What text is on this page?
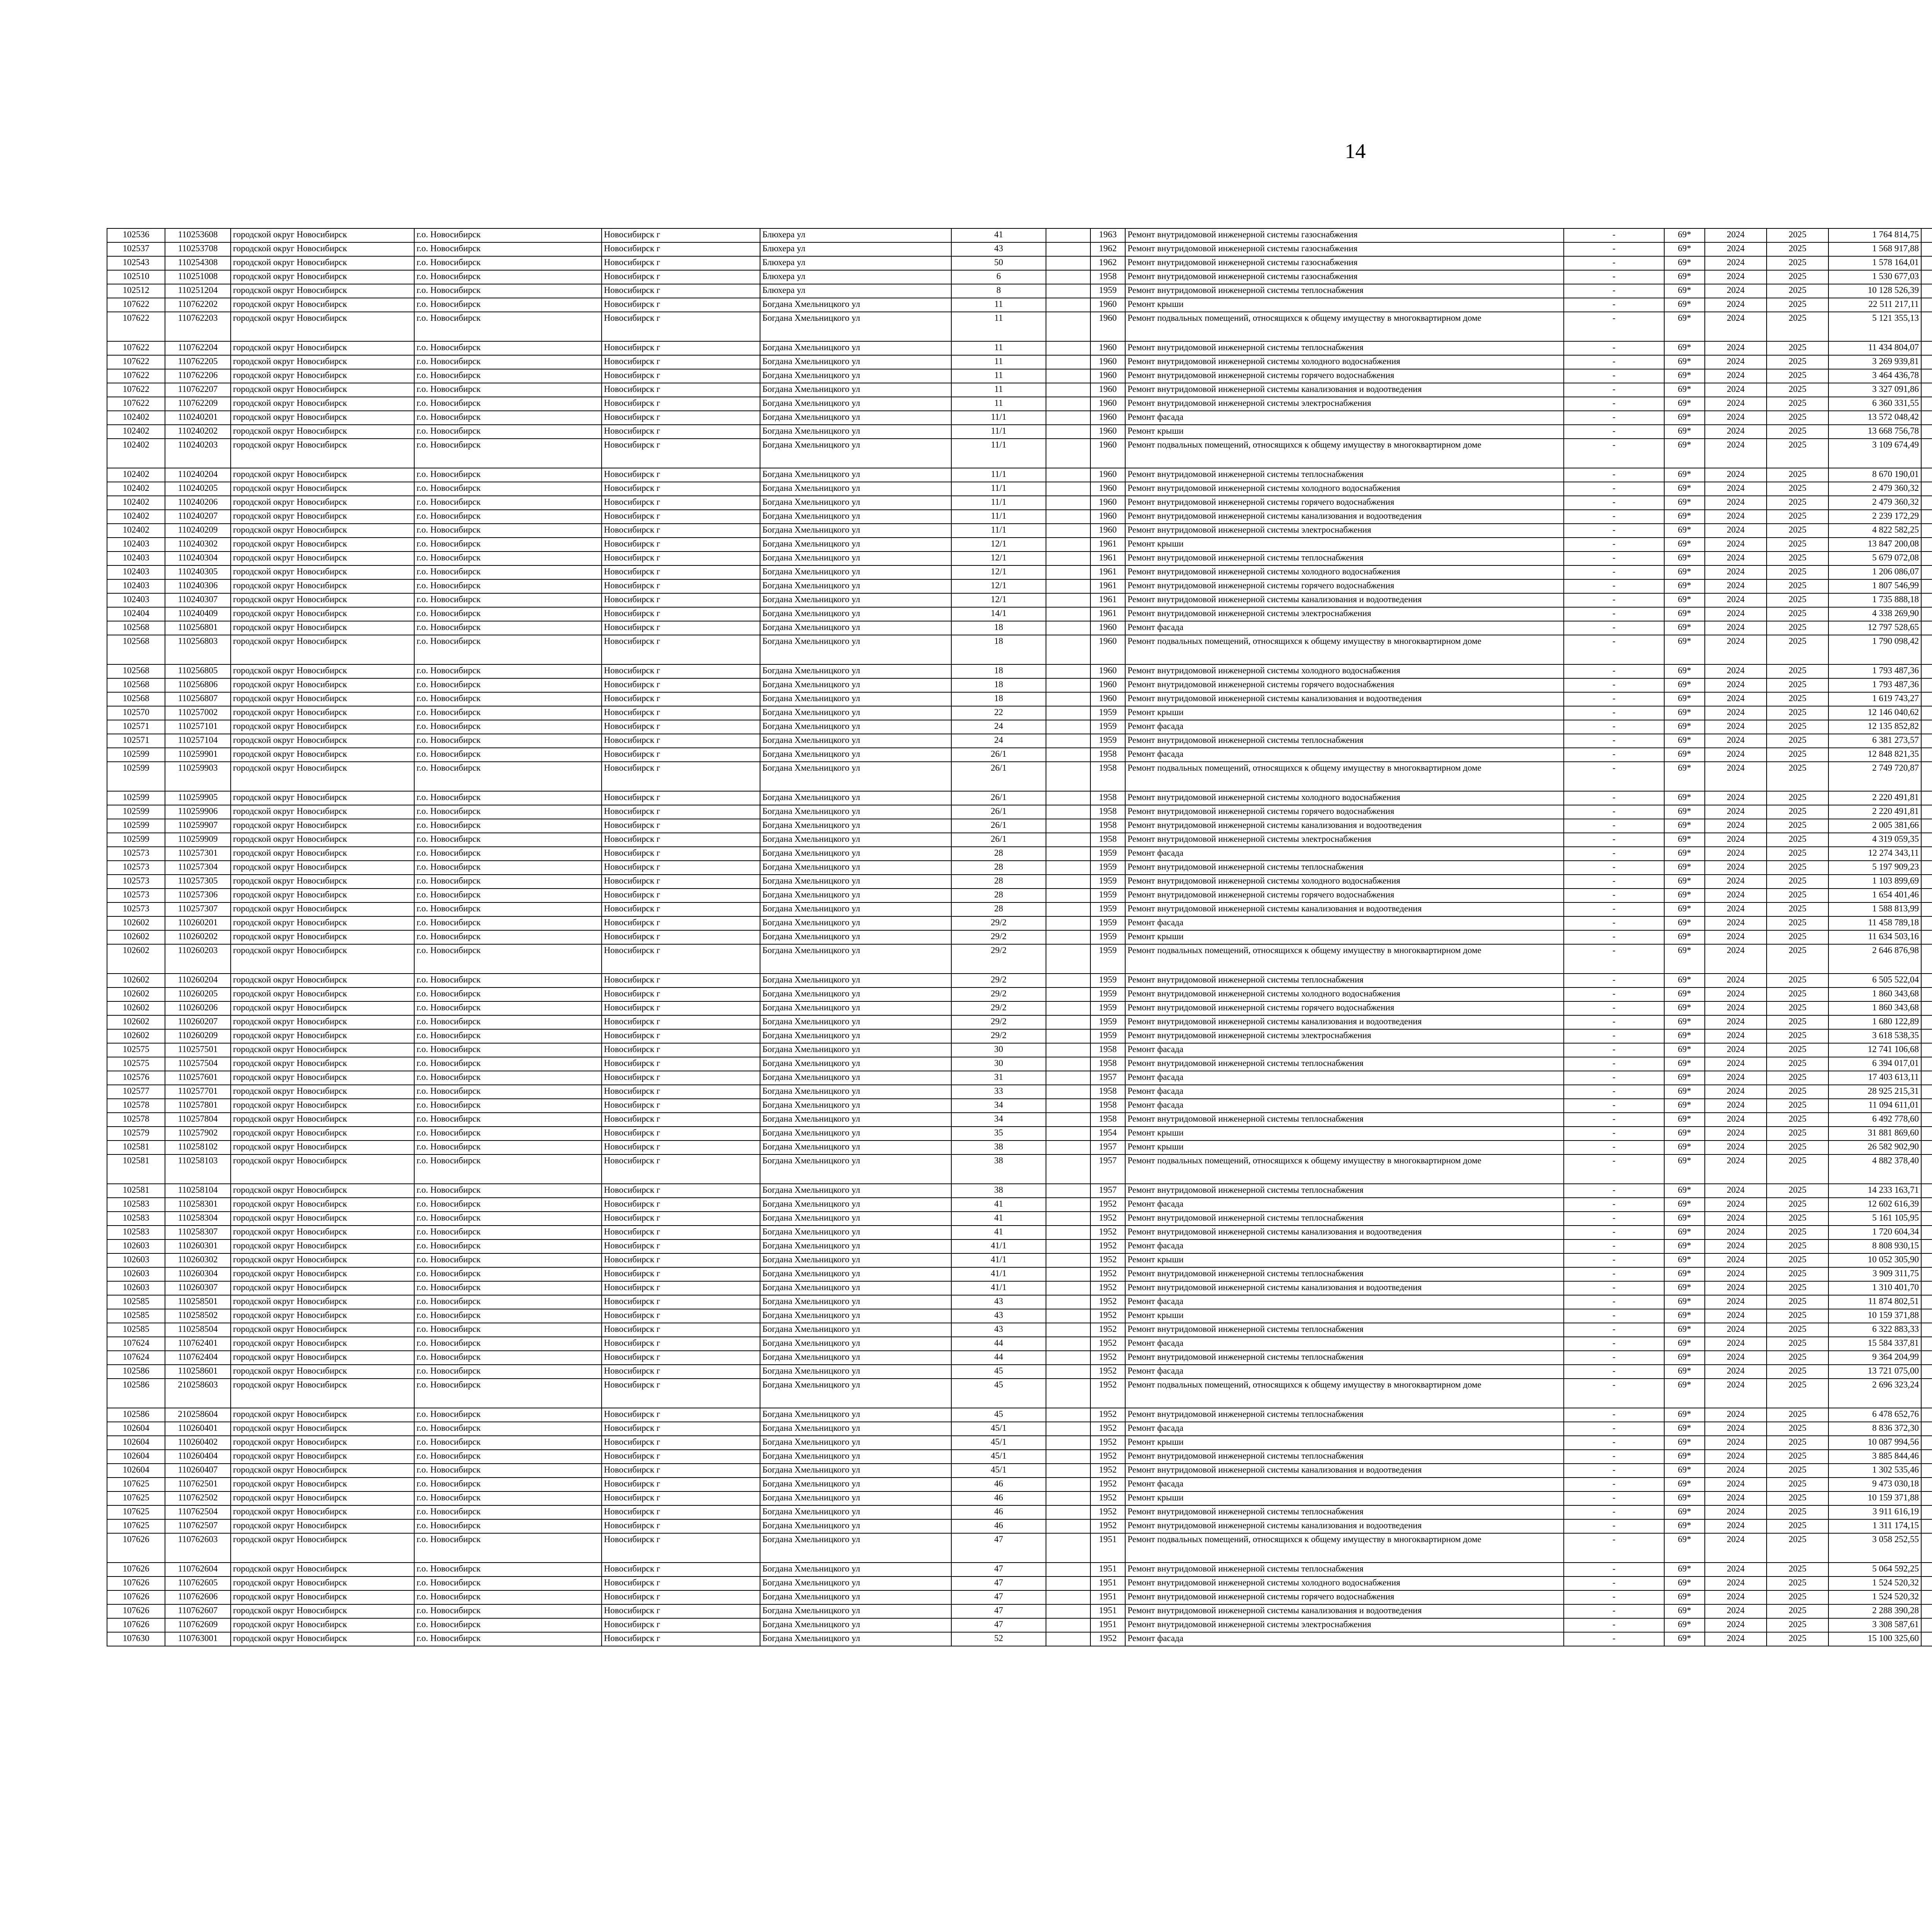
14
102536	110253608	городской округ Новосибирск	г.о. Новосибирск	Новосибирск г	Блюхера ул	41		1963	Ремонт внутридомовой инженерной системы газоснабжения	-	69*	2024	2025	1 764 814,75						
102537	110253708	городской округ Новосибирск	г.о. Новосибирск	Новосибирск г	Блюхера ул	43		1962	Ремонт внутридомовой инженерной системы газоснабжения	-	69*	2024	2025	1 568 917,88						
102543	110254308	городской округ Новосибирск	г.о. Новосибирск	Новосибирск г	Блюхера ул	50		1962	Ремонт внутридомовой инженерной системы газоснабжения	-	69*	2024	2025	1 578 164,01						
102510	110251008	городской округ Новосибирск	г.о. Новосибирск	Новосибирск г	Блюхера ул	6		1958	Ремонт внутридомовой инженерной системы газоснабжения	-	69*	2024	2025	1 530 677,03						
102512	110251204	городской округ Новосибирск	г.о. Новосибирск	Новосибирск г	Блюхера ул	8		1959	Ремонт внутридомовой инженерной системы теплоснабжения	-	69*	2024	2025	10 128 526,39						
107622	110762202	городской округ Новосибирск	г.о. Новосибирск	Новосибирск г	Богдана Хмельницкого ул	11		1960	Ремонт крыши	-	69*	2024	2025	22 511 217,11						
107622	110762203	городской округ Новосибирск	г.о. Новосибирск	Новосибирск г	Богдана Хмельницкого ул	11		1960	Ремонт подвальных помещений, относящихся к общему имуществу в многоквартирном доме	-	69*	2024	2025	5 121 355,13						
107622	110762204	городской округ Новосибирск	г.о. Новосибирск	Новосибирск г	Богдана Хмельницкого ул	11		1960	Ремонт внутридомовой инженерной системы теплоснабжения	-	69*	2024	2025	11 434 804,07						
107622	110762205	городской округ Новосибирск	г.о. Новосибирск	Новосибирск г	Богдана Хмельницкого ул	11		1960	Ремонт внутридомовой инженерной системы холодного водоснабжения	-	69*	2024	2025	3 269 939,81						
107622	110762206	городской округ Новосибирск	г.о. Новосибирск	Новосибирск г	Богдана Хмельницкого ул	11		1960	Ремонт внутридомовой инженерной системы горячего водоснабжения	-	69*	2024	2025	3 464 436,78						
107622	110762207	городской округ Новосибирск	г.о. Новосибирск	Новосибирск г	Богдана Хмельницкого ул	11		1960	Ремонт внутридомовой инженерной системы канализования и водоотведения	-	69*	2024	2025	3 327 091,86						
107622	110762209	городской округ Новосибирск	г.о. Новосибирск	Новосибирск г	Богдана Хмельницкого ул	11		1960	Ремонт внутридомовой инженерной системы электроснабжения	-	69*	2024	2025	6 360 331,55						
102402	110240201	городской округ Новосибирск	г.о. Новосибирск	Новосибирск г	Богдана Хмельницкого ул	11/1		1960	Ремонт фасада	-	69*	2024	2025	13 572 048,42						
102402	110240202	городской округ Новосибирск	г.о. Новосибирск	Новосибирск г	Богдана Хмельницкого ул	11/1		1960	Ремонт крыши	-	69*	2024	2025	13 668 756,78						
102402	110240203	городской округ Новосибирск	г.о. Новосибирск	Новосибирск г	Богдана Хмельницкого ул	11/1		1960	Ремонт подвальных помещений, относящихся к общему имуществу в многоквартирном доме	-	69*	2024	2025	3 109 674,49						
102402	110240204	городской округ Новосибирск	г.о. Новосибирск	Новосибирск г	Богдана Хмельницкого ул	11/1		1960	Ремонт внутридомовой инженерной системы теплоснабжения	-	69*	2024	2025	8 670 190,01						
102402	110240205	городской округ Новосибирск	г.о. Новосибирск	Новосибирск г	Богдана Хмельницкого ул	11/1		1960	Ремонт внутридомовой инженерной системы холодного водоснабжения	-	69*	2024	2025	2 479 360,32						
102402	110240206	городской округ Новосибирск	г.о. Новосибирск	Новосибирск г	Богдана Хмельницкого ул	11/1		1960	Ремонт внутридомовой инженерной системы горячего водоснабжения	-	69*	2024	2025	2 479 360,32						
102402	110240207	городской округ Новосибирск	г.о. Новосибирск	Новосибирск г	Богдана Хмельницкого ул	11/1		1960	Ремонт внутридомовой инженерной системы канализования и водоотведения	-	69*	2024	2025	2 239 172,29						
102402	110240209	городской округ Новосибирск	г.о. Новосибирск	Новосибирск г	Богдана Хмельницкого ул	11/1		1960	Ремонт внутридомовой инженерной системы электроснабжения	-	69*	2024	2025	4 822 582,25						
102403	110240302	городской округ Новосибирск	г.о. Новосибирск	Новосибирск г	Богдана Хмельницкого ул	12/1		1961	Ремонт крыши	-	69*	2024	2025	13 847 200,08						
102403	110240304	городской округ Новосибирск	г.о. Новосибирск	Новосибирск г	Богдана Хмельницкого ул	12/1		1961	Ремонт внутридомовой инженерной системы теплоснабжения	-	69*	2024	2025	5 679 072,08						
102403	110240305	городской округ Новосибирск	г.о. Новосибирск	Новосибирск г	Богдана Хмельницкого ул	12/1		1961	Ремонт внутридомовой инженерной системы холодного водоснабжения	-	69*	2024	2025	1 206 086,07						
102403	110240306	городской округ Новосибирск	г.о. Новосибирск	Новосибирск г	Богдана Хмельницкого ул	12/1		1961	Ремонт внутридомовой инженерной системы горячего водоснабжения	-	69*	2024	2025	1 807 546,99						
102403	110240307	городской округ Новосибирск	г.о. Новосибирск	Новосибирск г	Богдана Хмельницкого ул	12/1		1961	Ремонт внутридомовой инженерной системы канализования и водоотведения	-	69*	2024	2025	1 735 888,18						
102404	110240409	городской округ Новосибирск	г.о. Новосибирск	Новосибирск г	Богдана Хмельницкого ул	14/1		1961	Ремонт внутридомовой инженерной системы электроснабжения	-	69*	2024	2025	4 338 269,90						
102568	110256801	городской округ Новосибирск	г.о. Новосибирск	Новосибирск г	Богдана Хмельницкого ул	18		1960	Ремонт фасада	-	69*	2024	2025	12 797 528,65						
102568	110256803	городской округ Новосибирск	г.о. Новосибирск	Новосибирск г	Богдана Хмельницкого ул	18		1960	Ремонт подвальных помещений, относящихся к общему имуществу в многоквартирном доме	-	69*	2024	2025	1 790 098,42						
102568	110256805	городской округ Новосибирск	г.о. Новосибирск	Новосибирск г	Богдана Хмельницкого ул	18		1960	Ремонт внутридомовой инженерной системы холодного водоснабжения	-	69*	2024	2025	1 793 487,36						
102568	110256806	городской округ Новосибирск	г.о. Новосибирск	Новосибирск г	Богдана Хмельницкого ул	18		1960	Ремонт внутридомовой инженерной системы горячего водоснабжения	-	69*	2024	2025	1 793 487,36						
102568	110256807	городской округ Новосибирск	г.о. Новосибирск	Новосибирск г	Богдана Хмельницкого ул	18		1960	Ремонт внутридомовой инженерной системы канализования и водоотведения	-	69*	2024	2025	1 619 743,27						
102570	110257002	городской округ Новосибирск	г.о. Новосибирск	Новосибирск г	Богдана Хмельницкого ул	22		1959	Ремонт крыши	-	69*	2024	2025	12 146 040,62						
102571	110257101	городской округ Новосибирск	г.о. Новосибирск	Новосибирск г	Богдана Хмельницкого ул	24		1959	Ремонт фасада	-	69*	2024	2025	12 135 852,82						
102571	110257104	городской округ Новосибирск	г.о. Новосибирск	Новосибирск г	Богдана Хмельницкого ул	24		1959	Ремонт внутридомовой инженерной системы теплоснабжения	-	69*	2024	2025	6 381 273,57						
102599	110259901	городской округ Новосибирск	г.о. Новосибирск	Новосибирск г	Богдана Хмельницкого ул	26/1		1958	Ремонт фасада	-	69*	2024	2025	12 848 821,35						
102599	110259903	городской округ Новосибирск	г.о. Новосибирск	Новосибирск г	Богдана Хмельницкого ул	26/1		1958	Ремонт подвальных помещений, относящихся к общему имуществу в многоквартирном доме	-	69*	2024	2025	2 749 720,87						
102599	110259905	городской округ Новосибирск	г.о. Новосибирск	Новосибирск г	Богдана Хмельницкого ул	26/1		1958	Ремонт внутридомовой инженерной системы холодного водоснабжения	-	69*	2024	2025	2 220 491,81						
102599	110259906	городской округ Новосибирск	г.о. Новосибирск	Новосибирск г	Богдана Хмельницкого ул	26/1		1958	Ремонт внутридомовой инженерной системы горячего водоснабжения	-	69*	2024	2025	2 220 491,81						
102599	110259907	городской округ Новосибирск	г.о. Новосибирск	Новосибирск г	Богдана Хмельницкого ул	26/1		1958	Ремонт внутридомовой инженерной системы канализования и водоотведения	-	69*	2024	2025	2 005 381,66						
102599	110259909	городской округ Новосибирск	г.о. Новосибирск	Новосибирск г	Богдана Хмельницкого ул	26/1		1958	Ремонт внутридомовой инженерной системы электроснабжения	-	69*	2024	2025	4 319 059,35						
102573	110257301	городской округ Новосибирск	г.о. Новосибирск	Новосибирск г	Богдана Хмельницкого ул	28		1959	Ремонт фасада	-	69*	2024	2025	12 274 343,11						
102573	110257304	городской округ Новосибирск	г.о. Новосибирск	Новосибирск г	Богдана Хмельницкого ул	28		1959	Ремонт внутридомовой инженерной системы теплоснабжения	-	69*	2024	2025	5 197 909,23						
102573	110257305	городской округ Новосибирск	г.о. Новосибирск	Новосибирск г	Богдана Хмельницкого ул	28		1959	Ремонт внутридомовой инженерной системы холодного водоснабжения	-	69*	2024	2025	1 103 899,69						
102573	110257306	городской округ Новосибирск	г.о. Новосибирск	Новосибирск г	Богдана Хмельницкого ул	28		1959	Ремонт внутридомовой инженерной системы горячего водоснабжения	-	69*	2024	2025	1 654 401,46						
102573	110257307	городской округ Новосибирск	г.о. Новосибирск	Новосибирск г	Богдана Хмельницкого ул	28		1959	Ремонт внутридомовой инженерной системы канализования и водоотведения	-	69*	2024	2025	1 588 813,99						
102602	110260201	городской округ Новосибирск	г.о. Новосибирск	Новосибирск г	Богдана Хмельницкого ул	29/2		1959	Ремонт фасада	-	69*	2024	2025	11 458 789,18						
102602	110260202	городской округ Новосибирск	г.о. Новосибирск	Новосибирск г	Богдана Хмельницкого ул	29/2		1959	Ремонт крыши	-	69*	2024	2025	11 634 503,16						
102602	110260203	городской округ Новосибирск	г.о. Новосибирск	Новосибирск г	Богдана Хмельницкого ул	29/2		1959	Ремонт подвальных помещений, относящихся к общему имуществу в многоквартирном доме	-	69*	2024	2025	2 646 876,98						
102602	110260204	городской округ Новосибирск	г.о. Новосибирск	Новосибирск г	Богдана Хмельницкого ул	29/2		1959	Ремонт внутридомовой инженерной системы теплоснабжения	-	69*	2024	2025	6 505 522,04						
102602	110260205	городской округ Новосибирск	г.о. Новосибирск	Новосибирск г	Богдана Хмельницкого ул	29/2		1959	Ремонт внутридомовой инженерной системы холодного водоснабжения	-	69*	2024	2025	1 860 343,68						
102602	110260206	городской округ Новосибирск	г.о. Новосибирск	Новосибирск г	Богдана Хмельницкого ул	29/2		1959	Ремонт внутридомовой инженерной системы горячего водоснабжения	-	69*	2024	2025	1 860 343,68						
102602	110260207	городской округ Новосибирск	г.о. Новосибирск	Новосибирск г	Богдана Хмельницкого ул	29/2		1959	Ремонт внутридомовой инженерной системы канализования и водоотведения	-	69*	2024	2025	1 680 122,89						
102602	110260209	городской округ Новосибирск	г.о. Новосибирск	Новосибирск г	Богдана Хмельницкого ул	29/2		1959	Ремонт внутридомовой инженерной системы электроснабжения	-	69*	2024	2025	3 618 538,35						
102575	110257501	городской округ Новосибирск	г.о. Новосибирск	Новосибирск г	Богдана Хмельницкого ул	30		1958	Ремонт фасада	-	69*	2024	2025	12 741 106,68						
102575	110257504	городской округ Новосибирск	г.о. Новосибирск	Новосибирск г	Богдана Хмельницкого ул	30		1958	Ремонт внутридомовой инженерной системы теплоснабжения	-	69*	2024	2025	6 394 017,01						
102576	110257601	городской округ Новосибирск	г.о. Новосибирск	Новосибирск г	Богдана Хмельницкого ул	31		1957	Ремонт фасада	-	69*	2024	2025	17 403 613,11						
102577	110257701	городской округ Новосибирск	г.о. Новосибирск	Новосибирск г	Богдана Хмельницкого ул	33		1958	Ремонт фасада	-	69*	2024	2025	28 925 215,31						
102578	110257801	городской округ Новосибирск	г.о. Новосибирск	Новосибирск г	Богдана Хмельницкого ул	34		1958	Ремонт фасада	-	69*	2024	2025	11 094 611,01						
102578	110257804	городской округ Новосибирск	г.о. Новосибирск	Новосибирск г	Богдана Хмельницкого ул	34		1958	Ремонт внутридомовой инженерной системы теплоснабжения	-	69*	2024	2025	6 492 778,60						
102579	110257902	городской округ Новосибирск	г.о. Новосибирск	Новосибирск г	Богдана Хмельницкого ул	35		1954	Ремонт крыши	-	69*	2024	2025	31 881 869,60						
102581	110258102	городской округ Новосибирск	г.о. Новосибирск	Новосибирск г	Богдана Хмельницкого ул	38		1957	Ремонт крыши	-	69*	2024	2025	26 582 902,90						
102581	110258103	городской округ Новосибирск	г.о. Новосибирск	Новосибирск г	Богдана Хмельницкого ул	38		1957	Ремонт подвальных помещений, относящихся к общему имуществу в многоквартирном доме	-	69*	2024	2025	4 882 378,40						
102581	110258104	городской округ Новосибирск	г.о. Новосибирск	Новосибирск г	Богдана Хмельницкого ул	38		1957	Ремонт внутридомовой инженерной системы теплоснабжения	-	69*	2024	2025	14 233 163,71						
102583	110258301	городской округ Новосибирск	г.о. Новосибирск	Новосибирск г	Богдана Хмельницкого ул	41		1952	Ремонт фасада	-	69*	2024	2025	12 602 616,39						
102583	110258304	городской округ Новосибирск	г.о. Новосибирск	Новосибирск г	Богдана Хмельницкого ул	41		1952	Ремонт внутридомовой инженерной системы теплоснабжения	-	69*	2024	2025	5 161 105,95						
102583	110258307	городской округ Новосибирск	г.о. Новосибирск	Новосибирск г	Богдана Хмельницкого ул	41		1952	Ремонт внутридомовой инженерной системы канализования и водоотведения	-	69*	2024	2025	1 720 604,34						
102603	110260301	городской округ Новосибирск	г.о. Новосибирск	Новосибирск г	Богдана Хмельницкого ул	41/1		1952	Ремонт фасада	-	69*	2024	2025	8 808 930,15						
102603	110260302	городской округ Новосибирск	г.о. Новосибирск	Новосибирск г	Богдана Хмельницкого ул	41/1		1952	Ремонт крыши	-	69*	2024	2025	10 052 305,90						
102603	110260304	городской округ Новосибирск	г.о. Новосибирск	Новосибирск г	Богдана Хмельницкого ул	41/1		1952	Ремонт внутридомовой инженерной системы теплоснабжения	-	69*	2024	2025	3 909 311,75						
102603	110260307	городской округ Новосибирск	г.о. Новосибирск	Новосибирск г	Богдана Хмельницкого ул	41/1		1952	Ремонт внутридомовой инженерной системы канализования и водоотведения	-	69*	2024	2025	1 310 401,70						
102585	110258501	городской округ Новосибирск	г.о. Новосибирск	Новосибирск г	Богдана Хмельницкого ул	43		1952	Ремонт фасада	-	69*	2024	2025	11 874 802,51						
102585	110258502	городской округ Новосибирск	г.о. Новосибирск	Новосибирск г	Богдана Хмельницкого ул	43		1952	Ремонт крыши	-	69*	2024	2025	10 159 371,88						
102585	110258504	городской округ Новосибирск	г.о. Новосибирск	Новосибирск г	Богдана Хмельницкого ул	43		1952	Ремонт внутридомовой инженерной системы теплоснабжения	-	69*	2024	2025	6 322 883,33						
107624	110762401	городской округ Новосибирск	г.о. Новосибирск	Новосибирск г	Богдана Хмельницкого ул	44		1952	Ремонт фасада	-	69*	2024	2025	15 584 337,81						
107624	110762404	городской округ Новосибирск	г.о. Новосибирск	Новосибирск г	Богдана Хмельницкого ул	44		1952	Ремонт внутридомовой инженерной системы теплоснабжения	-	69*	2024	2025	9 364 204,99						
102586	110258601	городской округ Новосибирск	г.о. Новосибирск	Новосибирск г	Богдана Хмельницкого ул	45		1952	Ремонт фасада	-	69*	2024	2025	13 721 075,00						
102586	210258603	городской округ Новосибирск	г.о. Новосибирск	Новосибирск г	Богдана Хмельницкого ул	45		1952	Ремонт подвальных помещений, относящихся к общему имуществу в многоквартирном доме	-	69*	2024	2025	2 696 323,24						
102586	210258604	городской округ Новосибирск	г.о. Новосибирск	Новосибирск г	Богдана Хмельницкого ул	45		1952	Ремонт внутридомовой инженерной системы теплоснабжения	-	69*	2024	2025	6 478 652,76						
102604	110260401	городской округ Новосибирск	г.о. Новосибирск	Новосибирск г	Богдана Хмельницкого ул	45/1		1952	Ремонт фасада	-	69*	2024	2025	8 836 372,30						
102604	110260402	городской округ Новосибирск	г.о. Новосибирск	Новосибирск г	Богдана Хмельницкого ул	45/1		1952	Ремонт крыши	-	69*	2024	2025	10 087 994,56						
102604	110260404	городской округ Новосибирск	г.о. Новосибирск	Новосибирск г	Богдана Хмельницкого ул	45/1		1952	Ремонт внутридомовой инженерной системы теплоснабжения	-	69*	2024	2025	3 885 844,46						
102604	110260407	городской округ Новосибирск	г.о. Новосибирск	Новосибирск г	Богдана Хмельницкого ул	45/1		1952	Ремонт внутридомовой инженерной системы канализования и водоотведения	-	69*	2024	2025	1 302 535,46						
107625	110762501	городской округ Новосибирск	г.о. Новосибирск	Новосибирск г	Богдана Хмельницкого ул	46		1952	Ремонт фасада	-	69*	2024	2025	9 473 030,18						
107625	110762502	городской округ Новосибирск	г.о. Новосибирск	Новосибирск г	Богдана Хмельницкого ул	46		1952	Ремонт крыши	-	69*	2024	2025	10 159 371,88						
107625	110762504	городской округ Новосибирск	г.о. Новосибирск	Новосибирск г	Богдана Хмельницкого ул	46		1952	Ремонт внутридомовой инженерной системы теплоснабжения	-	69*	2024	2025	3 911 616,19						
107625	110762507	городской округ Новосибирск	г.о. Новосибирск	Новосибирск г	Богдана Хмельницкого ул	46		1952	Ремонт внутридомовой инженерной системы канализования и водоотведения	-	69*	2024	2025	1 311 174,15						
107626	110762603	городской округ Новосибирск	г.о. Новосибирск	Новосибирск г	Богдана Хмельницкого ул	47		1951	Ремонт подвальных помещений, относящихся к общему имуществу в многоквартирном доме	-	69*	2024	2025	3 058 252,55						
107626	110762604	городской округ Новосибирск	г.о. Новосибирск	Новосибирск г	Богдана Хмельницкого ул	47		1951	Ремонт внутридомовой инженерной системы теплоснабжения	-	69*	2024	2025	5 064 592,25						
107626	110762605	городской округ Новосибирск	г.о. Новосибирск	Новосибирск г	Богдана Хмельницкого ул	47		1951	Ремонт внутридомовой инженерной системы холодного водоснабжения	-	69*	2024	2025	1 524 520,32						
107626	110762606	городской округ Новосибирск	г.о. Новосибирск	Новосибирск г	Богдана Хмельницкого ул	47		1951	Ремонт внутридомовой инженерной системы горячего водоснабжения	-	69*	2024	2025	1 524 520,32						
107626	110762607	городской округ Новосибирск	г.о. Новосибирск	Новосибирск г	Богдана Хмельницкого ул	47		1951	Ремонт внутридомовой инженерной системы канализования и водоотведения	-	69*	2024	2025	2 288 390,28						
107626	110762609	городской округ Новосибирск	г.о. Новосибирск	Новосибирск г	Богдана Хмельницкого ул	47		1951	Ремонт внутридомовой инженерной системы электроснабжения	-	69*	2024	2025	3 308 587,61						
107630	110763001	городской округ Новосибирск	г.о. Новосибирск	Новосибирск г	Богдана Хмельницкого ул	52		1952	Ремонт фасада	-	69*	2024	2025	15 100 325,60						
